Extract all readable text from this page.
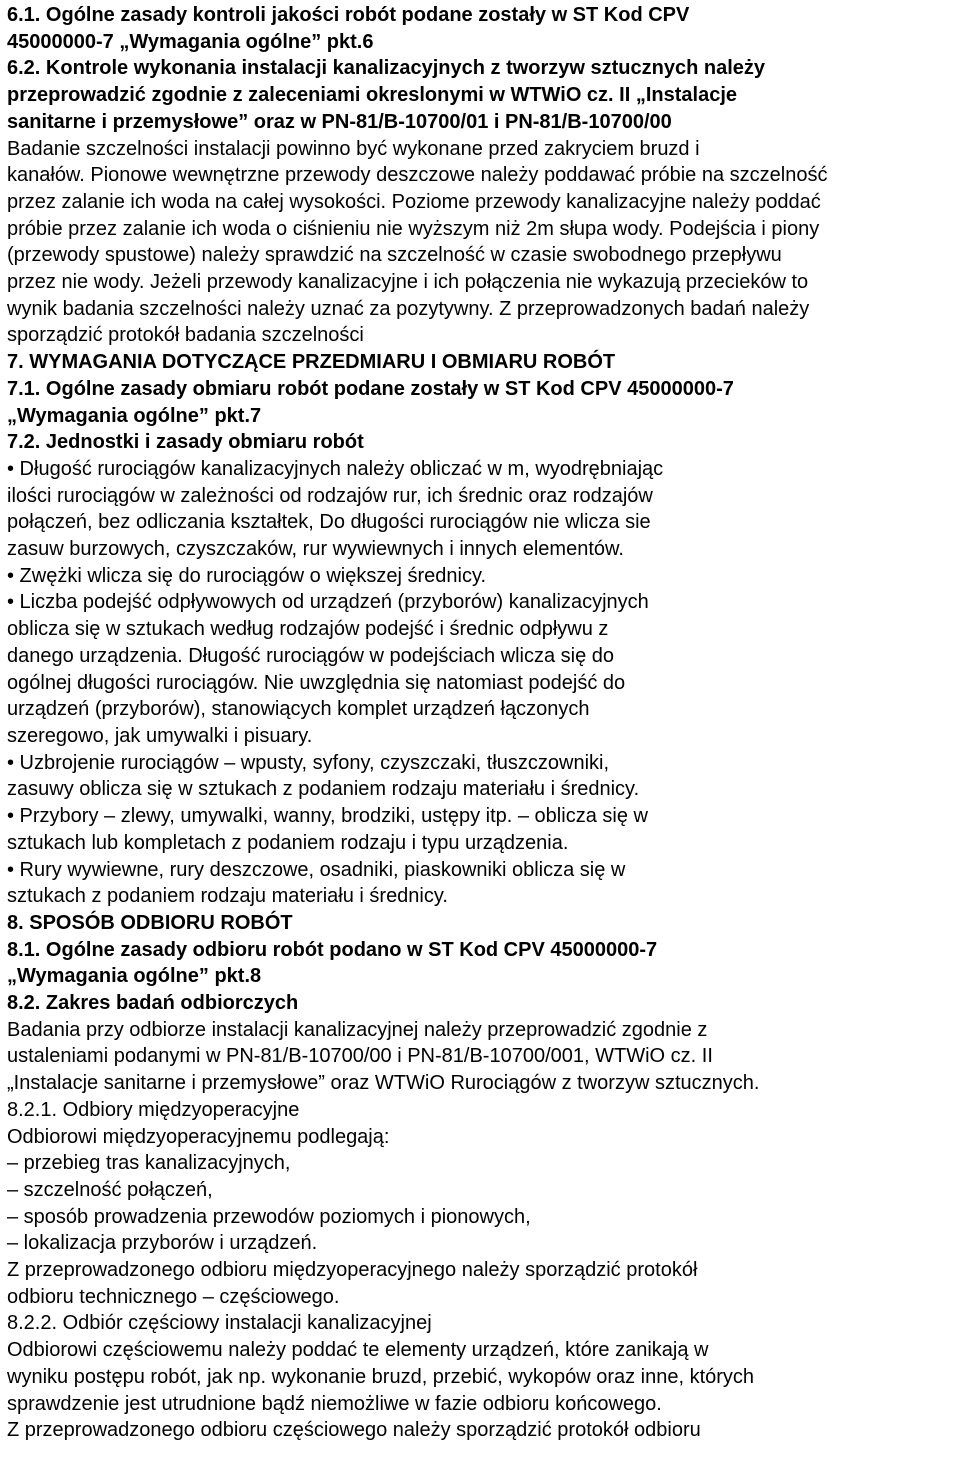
6.1. Ogólne zasady kontroli jakości robót podane zostały w ST Kod CPV
45000000-7 „Wymagania ogólne” pkt.6
6.2. Kontrole wykonania instalacji kanalizacyjnych z tworzyw sztucznych należy
przeprowadzić zgodnie z zaleceniami okreslonymi w WTWiO cz. II „Instalacje
sanitarne i przemysłowe” oraz w PN-81/B-10700/01 i PN-81/B-10700/00
Badanie szczelności instalacji powinno być wykonane przed zakryciem bruzd i
kanałów. Pionowe wewnętrzne przewody deszczowe należy poddawać próbie na szczelność
przez zalanie ich woda na całej wysokości. Poziome przewody kanalizacyjne należy poddać
próbie przez zalanie ich woda o ciśnieniu nie wyższym niż 2m słupa wody. Podejścia i piony
(przewody spustowe) należy sprawdzić na szczelność w czasie swobodnego przepływu
przez nie wody. Jeżeli przewody kanalizacyjne i ich połączenia nie wykazują przecieków to
wynik badania szczelności należy uznać za pozytywny. Z przeprowadzonych badań należy
sporządzić protokół badania szczelności
7. WYMAGANIA DOTYCZĄCE PRZEDMIARU I OBMIARU ROBÓT
7.1. Ogólne zasady obmiaru robót podane zostały w ST Kod CPV 45000000-7
„Wymagania ogólne” pkt.7
7.2. Jednostki i zasady obmiaru robót
• Długość rurociągów kanalizacyjnych należy obliczać w m, wyodrębniając
ilości rurociągów w zależności od rodzajów rur, ich średnic oraz rodzajów
połączeń, bez odliczania kształtek, Do długości rurociągów nie wlicza sie
zasuw burzowych, czyszczaków, rur wywiewnych i innych elementów.
• Zwężki wlicza się do rurociągów o większej średnicy.
• Liczba podejść odpływowych od urządzeń (przyborów) kanalizacyjnych
oblicza się w sztukach według rodzajów podejść i średnic odpływu z
danego urządzenia. Długość rurociągów w podejściach wlicza się do
ogólnej długości rurociągów. Nie uwzględnia się natomiast podejść do
urządzeń (przyborów), stanowiących komplet urządzeń łączonych
szeregowo, jak umywalki i pisuary.
• Uzbrojenie rurociągów – wpusty, syfony, czyszczaki, tłuszczowniki,
zasuwy oblicza się w sztukach z podaniem rodzaju materiału i średnicy.
• Przybory – zlewy, umywalki, wanny, brodziki, ustępy itp. – oblicza się w
sztukach lub kompletach z podaniem rodzaju i typu urządzenia.
• Rury wywiewne, rury deszczowe, osadniki, piaskowniki oblicza się w
sztukach z podaniem rodzaju materiału i średnicy.
8. SPOSÓB ODBIORU ROBÓT
8.1. Ogólne zasady odbioru robót podano w ST Kod CPV 45000000-7
„Wymagania ogólne” pkt.8
8.2. Zakres badań odbiorczych
Badania przy odbiorze instalacji kanalizacyjnej należy przeprowadzić zgodnie z
ustaleniami podanymi w PN-81/B-10700/00 i PN-81/B-10700/001, WTWiO cz. II
„Instalacje sanitarne i przemysłowe” oraz WTWiO Rurociągów z tworzyw sztucznych.
8.2.1. Odbiory międzyoperacyjne
Odbiorowi międzyoperacyjnemu podlegają:
– przebieg tras kanalizacyjnych,
– szczelność połączeń,
– sposób prowadzenia przewodów poziomych i pionowych,
– lokalizacja przyborów i urządzeń.
Z przeprowadzonego odbioru międzyoperacyjnego należy sporządzić protokół
odbioru technicznego – częściowego.
8.2.2. Odbiór częściowy instalacji kanalizacyjnej
Odbiorowi częściowemu należy poddać te elementy urządzeń, które zanikają w
wyniku postępu robót, jak np. wykonanie bruzd, przebić, wykopów oraz inne, których
sprawdzenie jest utrudnione bądź niemożliwe w fazie odbioru końcowego.
Z przeprowadzonego odbioru częściowego należy sporządzić protokół odbioru
